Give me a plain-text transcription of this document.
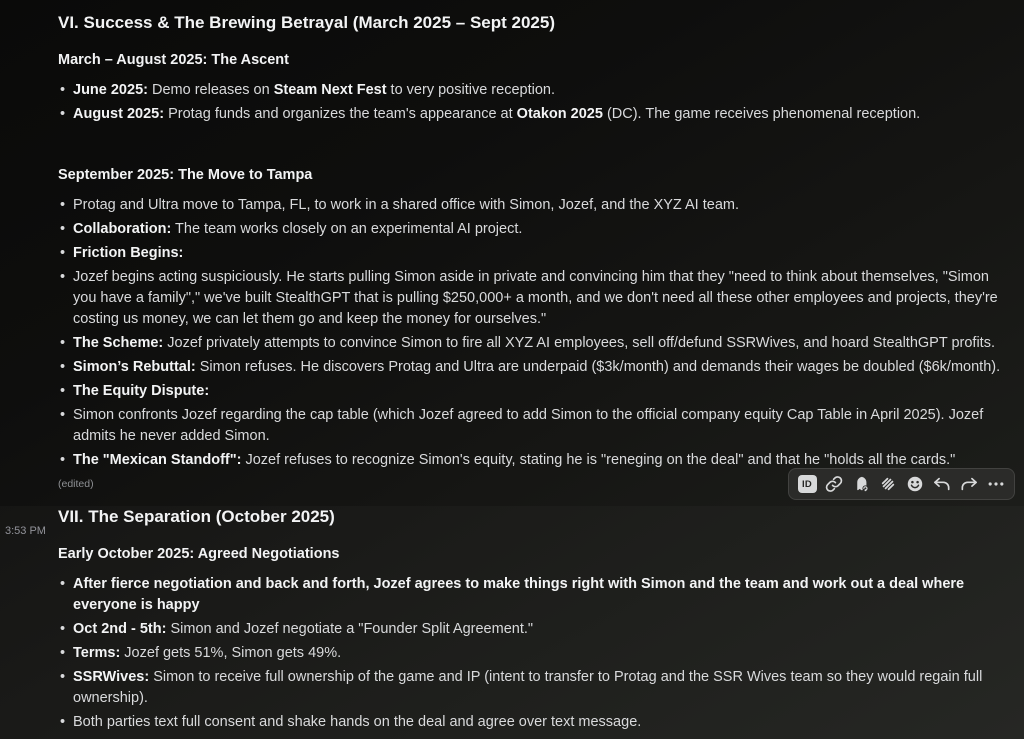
VI. Success & The Brewing Betrayal (March 2025 – Sept 2025)
March – August 2025: The Ascent
• June 2025: Demo releases on Steam Next Fest to very positive reception.
• August 2025: Protag funds and organizes the team's appearance at Otakon 2025 (DC). The game receives phenomenal reception.
September 2025: The Move to Tampa
• Protag and Ultra move to Tampa, FL, to work in a shared office with Simon, Jozef, and the XYZ AI team.
• Collaboration: The team works closely on an experimental AI project.
• Friction Begins:
• Jozef begins acting suspiciously. He starts pulling Simon aside in private and convincing him that they "need to think about themselves, "Simon you have a family"," we've built StealthGPT that is pulling $250,000+ a month, and we don't need all these other employees and projects, they're costing us money, we can let them go and keep the money for ourselves."
• The Scheme: Jozef privately attempts to convince Simon to fire all XYZ AI employees, sell off/defund SSRWives, and hoard StealthGPT profits.
• Simon’s Rebuttal: Simon refuses. He discovers Protag and Ultra are underpaid ($3k/month) and demands their wages be doubled ($6k/month).
• The Equity Dispute:
• Simon confronts Jozef regarding the cap table (which Jozef agreed to add Simon to the official company equity Cap Table in April 2025). Jozef admits he never added Simon.
• The "Mexican Standoff": Jozef refuses to recognize Simon's equity, stating he is "reneging on the deal" and that he "holds all the cards."
(edited)
3:53 PM
VII. The Separation (October 2025)
Early October 2025: Agreed Negotiations
• After fierce negotiation and back and forth, Jozef agrees to make things right with Simon and the team and work out a deal where everyone is happy
• Oct 2nd - 5th: Simon and Jozef negotiate a "Founder Split Agreement."
• Terms: Jozef gets 51%, Simon gets 49%.
• SSRWives: Simon to receive full ownership of the game and IP (intent to transfer to Protag and the SSR Wives team so they would regain full ownership).
• Both parties text full consent and shake hands on the deal and agree over text message.
ID
